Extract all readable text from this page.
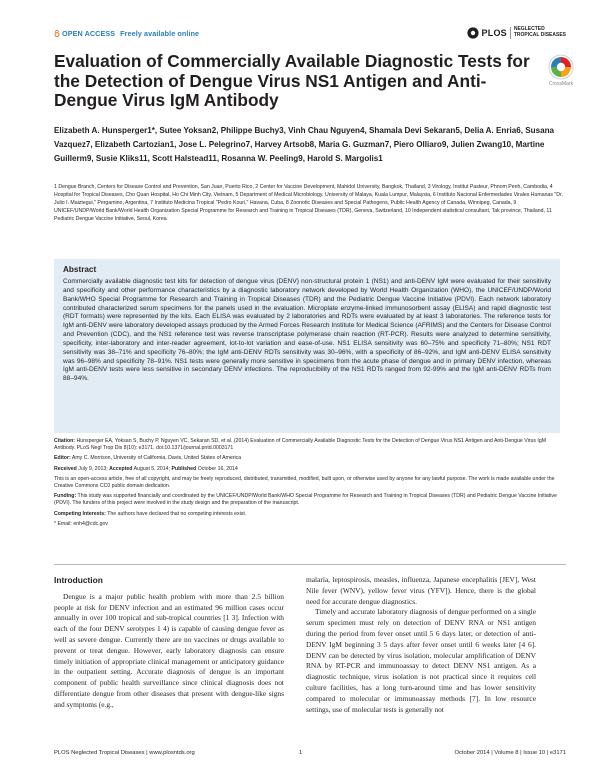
OPEN ACCESS Freely available online	PLOS	NEGLECTED
TROPICAL DISEASES
Evaluation of Commercially Available Diagnostic Tests for the Detection of Dengue Virus NS1 Antigen and Anti-Dengue Virus IgM Antibody
CrossMark

Elizabeth A. Hunsperger1*, Sutee Yoksan2, Philippe Buchy3, Vinh Chau Nguyen4, Shamala Devi Sekaran5, Delia A. Enria6, Susana Vazquez7, Elizabeth Cartozian1, Jose L. Pelegrino7, Harvey Artsob8, Maria G. Guzman7, Piero Olliaro9, Julien Zwang10, Martine Guillerm9, Susie Kliks11, Scott Halstead11, Rosanna W. Peeling9, Harold S. Margolis1

1 Dengue Branch, Centers for Disease Control and Prevention, San Juan, Puerto Rico, 2 Center for Vaccine Development, Mahidol University, Bangkok, Thailand, 3 Virology, Institut Pasteur, Phnom Penh, Cambodia, 4 Hospital for Tropical Diseases, Cho Quan Hospital, Ho Chi Minh City, Vietnam, 5 Department of Medical Microbiology, University of Malaya, Kuala Lumpur, Malaysia, 6 Instituto Nacional Enfermedades Virales Humanas "Dr. Julio I. Maiztegui," Pergamino, Argentina, 7 Instituto Medicina Tropical "Pedro Kouri," Havana, Cuba, 8 Zoonotic Diseases and Special Pathogens, Public Health Agency of Canada, Winnipeg, Canada, 9 UNICEF/UNDP/World Bank/World Health Organization Special Programme for Research and Training in Tropical Diseases (TDR), Geneva, Switzerland, 10 Independent statistical consultant, Tak province, Thailand, 11 Pediatric Dengue Vaccine Initiative, Seoul, Korea

Abstract

Commercially available diagnostic test kits for detection of dengue virus (DENV) non-structural protein 1 (NS1) and anti-DENV IgM were evaluated for their sensitivity and specificity and other performance characteristics by a diagnostic laboratory network developed by World Health Organization (WHO), the UNICEF/UNDP/World Bank/WHO Special Programme for Research and Training in Tropical Diseases (TDR) and the Pediatric Dengue Vaccine Initiative (PDVI). Each network laboratory contributed characterized serum specimens for the panels used in the evaluation. Microplate enzyme-linked immunosorbent assay (ELISA) and rapid diagnostic test (RDT formats) were represented by the kits. Each ELISA was evaluated by 2 laboratories and RDTs were evaluated by at least 3 laboratories. The reference tests for IgM anti-DENV were laboratory developed assays produced by the Armed Forces Research Institute for Medical Science (AFRIMS) and the Centers for Disease Control and Prevention (CDC), and the NS1 reference test was reverse transcriptase polymerase chain reaction (RT-PCR). Results were analyzed to determine sensitivity, specificity, inter-laboratory and inter-reader agreement, lot-to-lot variation and ease-of-use. NS1 ELISA sensitivity was 60–75% and specificity 71–80%; NS1 RDT sensitivity was 38–71% and specificity 76–80%; the IgM anti-DENV RDTs sensitivity was 30–96%, with a specificity of 86–92%, and IgM anti-DENV ELISA sensitivity was 96–98% and specificity 78–91%. NS1 tests were generally more sensitive in specimens from the acute phase of dengue and in primary DENV infection, whereas IgM anti-DENV tests were less sensitive in secondary DENV infections. The reproducibility of the NS1 RDTs ranged from 92-99% and the IgM anti-DENV RDTs from 88–94%.

Citation: Hunsperger EA, Yoksan S, Buchy P, Nguyen VC, Sekaran SD, et al. (2014) Evaluation of Commercially Available Diagnostic Tests for the Detection of Dengue Virus NS1 Antigen and Anti-Dengue Virus IgM Antibody. PLoS Negl Trop Dis 8(10): e3171. doi:10.1371/journal.pntd.0003171

Editor: Amy C. Morrison, University of California, Davis, United States of America

Received July 9, 2013; Accepted August 5, 2014; Published October 16, 2014

This is an open-access article, free of all copyright, and may be freely reproduced, distributed, transmitted, modified, built upon, or otherwise used by anyone for any lawful purpose. The work is made available under the Creative Commons CC0 public domain dedication.

Funding: This study was supported financially and coordinated by the UNICEF/UNDP/World Bank/WHO Special Programme for Research and Training in Tropical Diseases (TDR) and Pediatric Dengue Vaccine Initiative (PDVI). The funders of this project were involved in the study design and the preparation of the manuscript.

Competing Interests: The authors have declared that no competing interests exist.

* Email: enh4@cdc.gov

Introduction

Dengue is a major public health problem with more than 2.5 billion people at risk for DENV infection and an estimated 96 million cases occur annually in over 100 tropical and sub-tropical countries [1 3]. Infection with each of the four DENV serotypes 1 4) is capable of causing dengue fever as well as severe dengue. Currently there are no vaccines or drugs available to prevent or treat dengue. However, early laboratory diagnosis can ensure timely initiation of appropriate clinical management or anticipatory guidance in the outpatient setting. Accurate diagnosis of dengue is an important component of public health surveillance since clinical diagnosis does not differentiate dengue from other diseases that present with dengue-like signs and symptoms (e.g.,

malaria, leptospirosis, measles, influenza, Japanese encephalitis [JEV], West Nile fever (WNV), yellow fever virus (YFV]). Hence, there is the global need for accurate dengue diagnostics.

Timely and accurate laboratory diagnosis of dengue performed on a single serum specimen must rely on detection of DENV RNA or NS1 antigen during the period from fever onset until 5 6 days later, or detection of anti-DENV IgM beginning 3 5 days after fever onset until 6 weeks later [4 6]. DENV can be detected by virus isolation, molecular amplification of DENV RNA by RT-PCR and immunoassay to detect DENV NS1 antigen. As a diagnostic technique, virus isolation is not practical since it requires cell culture facilities, has a long turn-around time and has lower sensitivity compared to molecular or immunoassay methods [7]. In low resource settings, use of molecular tests is generally not

PLOS Neglected Tropical Diseases | www.plosntds.org	1	October 2014 | Volume 8 | Issue 10 | e3171
